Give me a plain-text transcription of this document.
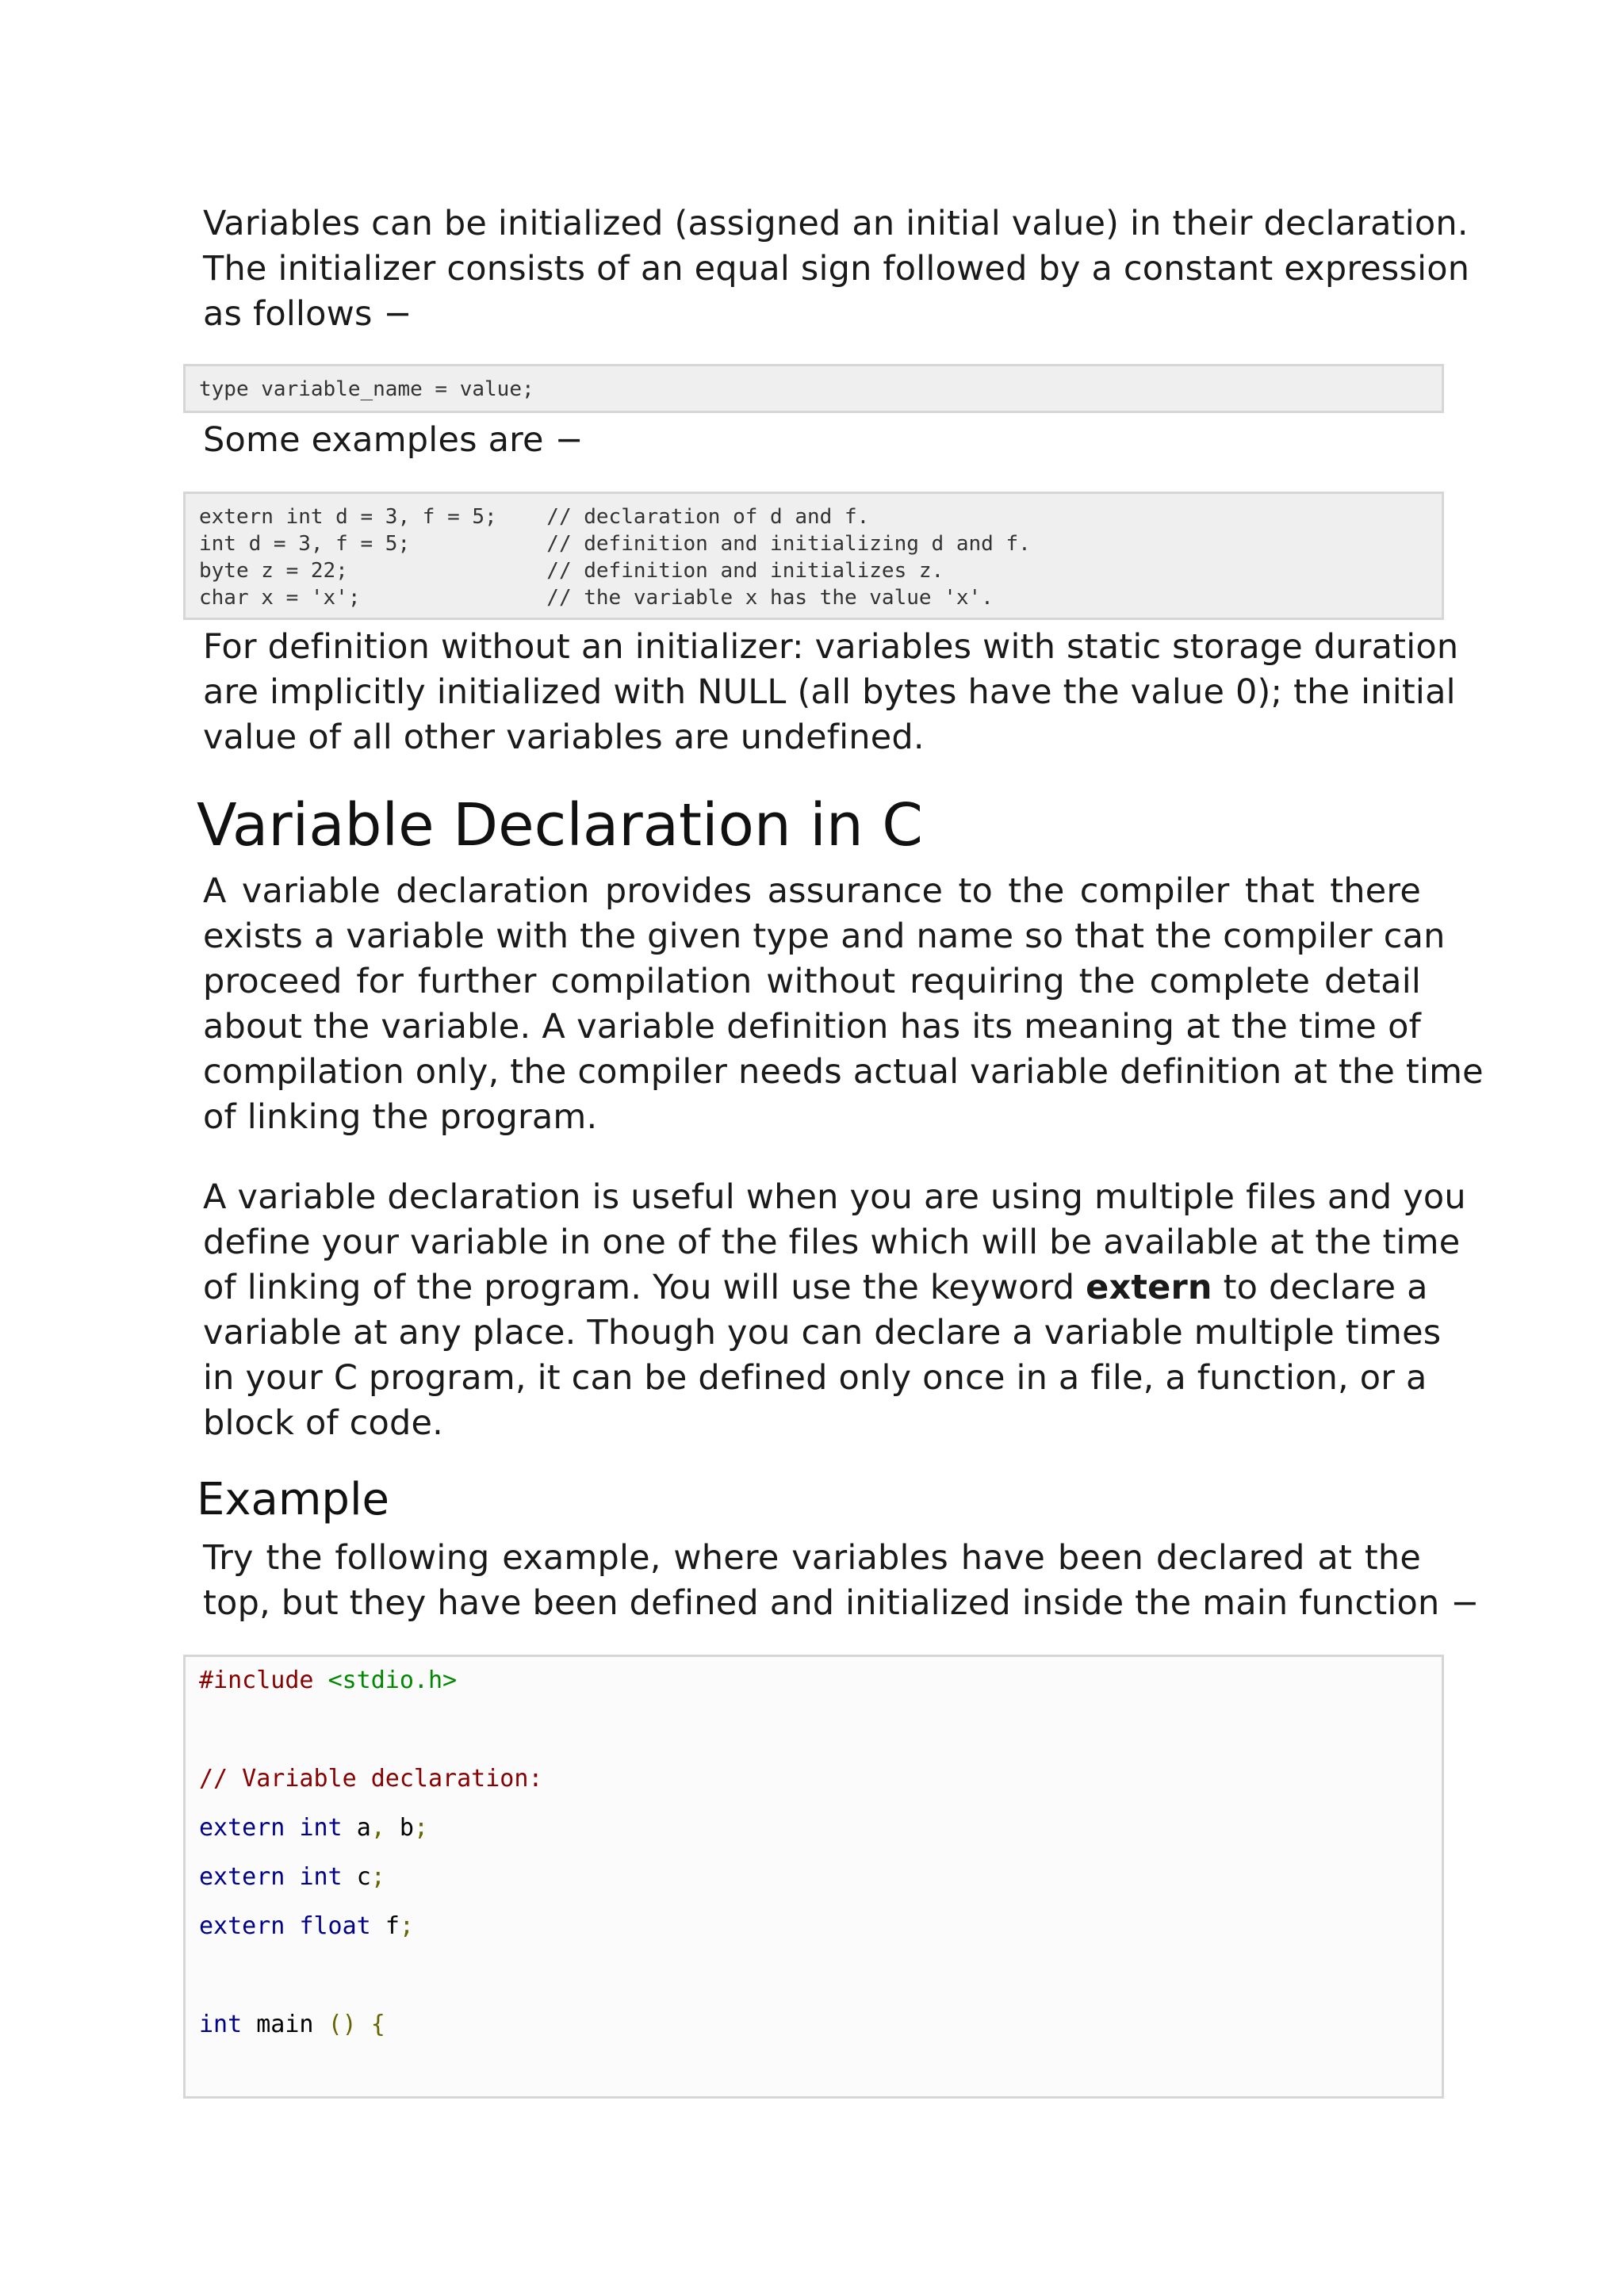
Variables can be initialized (assigned an initial value) in their declaration.
The initializer consists of an equal sign followed by a constant expression
as follows −
type variable_name = value;
Some examples are −
extern int d = 3, f = 5;    // declaration of d and f.
int d = 3, f = 5;           // definition and initializing d and f.
byte z = 22;                // definition and initializes z.
char x = 'x';               // the variable x has the value 'x'.
For definition without an initializer: variables with static storage duration
are implicitly initialized with NULL (all bytes have the value 0); the initial
value of all other variables are undefined.
Variable Declaration in C
A variable declaration provides assurance to the compiler that there
exists a variable with the given type and name so that the compiler can
proceed for further compilation without requiring the complete detail
about the variable. A variable definition has its meaning at the time of
compilation only, the compiler needs actual variable definition at the time
of linking the program.
A variable declaration is useful when you are using multiple files and you
define your variable in one of the files which will be available at the time
of linking of the program. You will use the keyword extern to declare a
variable at any place. Though you can declare a variable multiple times
in your C program, it can be defined only once in a file, a function, or a
block of code.
Example
Try the following example, where variables have been declared at the
top, but they have been defined and initialized inside the main function −
#include <stdio.h>
// Variable declaration:
extern int a, b;
extern int c;
extern float f;
int main () {
